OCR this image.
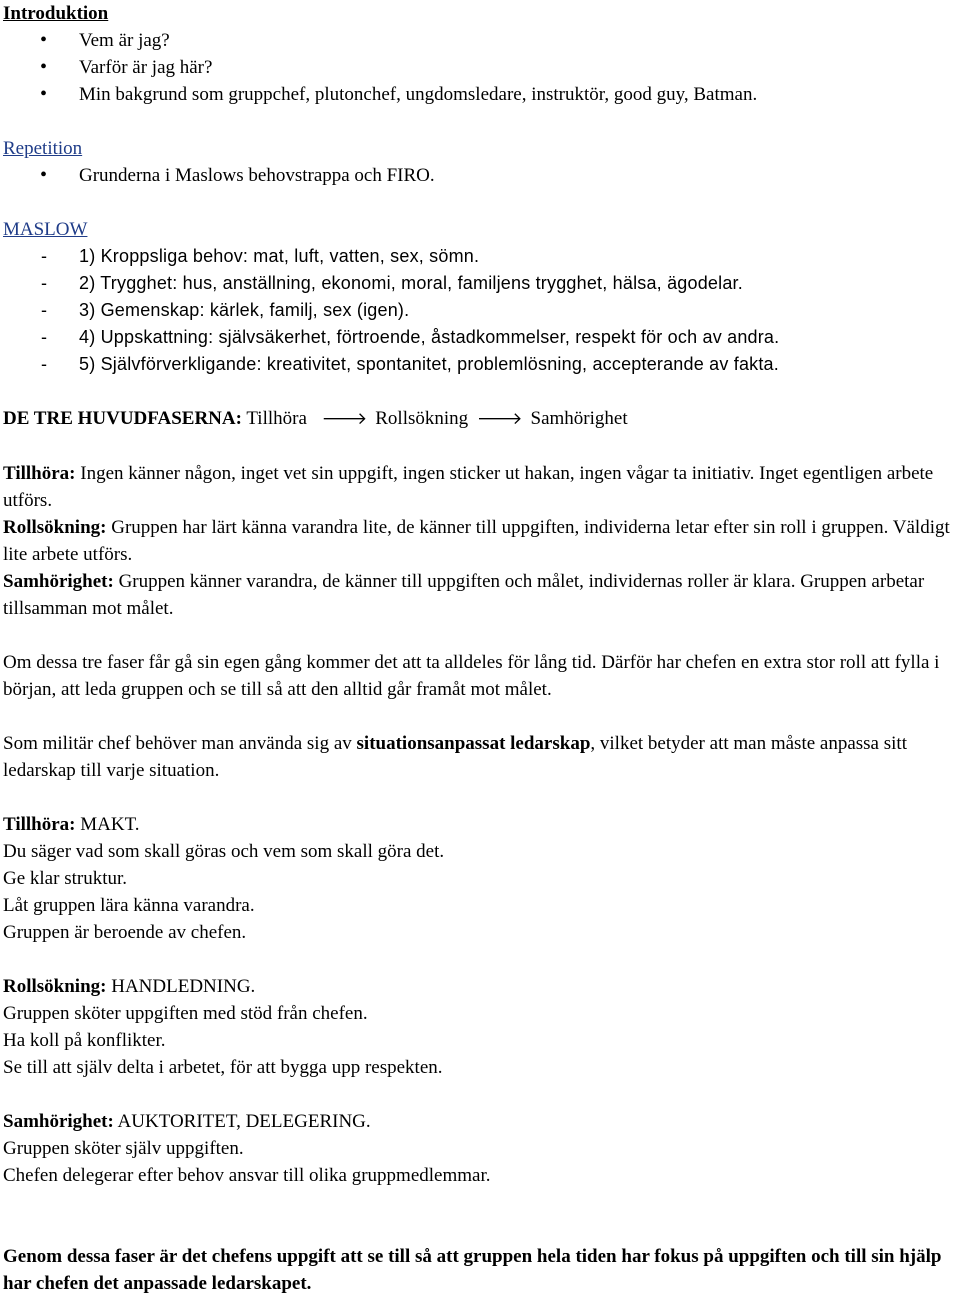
Introduktion
• Vem är jag?
• Varför är jag här?
• Min bakgrund som gruppchef, plutonchef, ungdomsledare, instruktör, good guy, Batman.
Repetition
• Grunderna i Maslows behovstrappa och FIRO.
MASLOW
- 1) Kroppsliga behov: mat, luft, vatten, sex, sömn.
- 2) Trygghet: hus, anställning, ekonomi, moral, familjens trygghet, hälsa, ägodelar.
- 3) Gemenskap: kärlek, familj, sex (igen).
- 4) Uppskattning: självsäkerhet, förtroende, åstadkommelser, respekt för och av andra.
- 5) Självförverkligande: kreativitet, spontanitet, problemlösning, accepterande av fakta.

DE TRE HUVUDFASERNA: Tillhöra 🡒 Rollsökning 🡒 Samhörighet

Tillhöra: Ingen känner någon, inget vet sin uppgift, ingen sticker ut hakan, ingen vågar ta initiativ. Inget egentligen arbete utförs.

Rollsökning: Gruppen har lärt känna varandra lite, de känner till uppgiften, individerna letar efter sin roll i gruppen. Väldigt lite arbete utförs.

Samhörighet: Gruppen känner varandra, de känner till uppgiften och målet, individernas roller är klara. Gruppen arbetar tillsamman mot målet.

Om dessa tre faser får gå sin egen gång kommer det att ta alldeles för lång tid. Därför har chefen en extra stor roll att fylla i början, att leda gruppen och se till så att den alltid går framåt mot målet.

Som militär chef behöver man använda sig av situationsanpassat ledarskap, vilket betyder att man måste anpassa sitt ledarskap till varje situation.

Tillhöra: MAKT.

Du säger vad som skall göras och vem som skall göra det.

Ge klar struktur.

Låt gruppen lära känna varandra.

Gruppen är beroende av chefen.

Rollsökning: HANDLEDNING.

Gruppen sköter uppgiften med stöd från chefen.

Ha koll på konflikter.

Se till att själv delta i arbetet, för att bygga upp respekten.

Samhörighet: AUKTORITET, DELEGERING.

Gruppen sköter själv uppgiften.

Chefen delegerar efter behov ansvar till olika gruppmedlemmar.

Genom dessa faser är det chefens uppgift att se till så att gruppen hela tiden har fokus på uppgiften och till sin hjälp har chefen det anpassade ledarskapet.
